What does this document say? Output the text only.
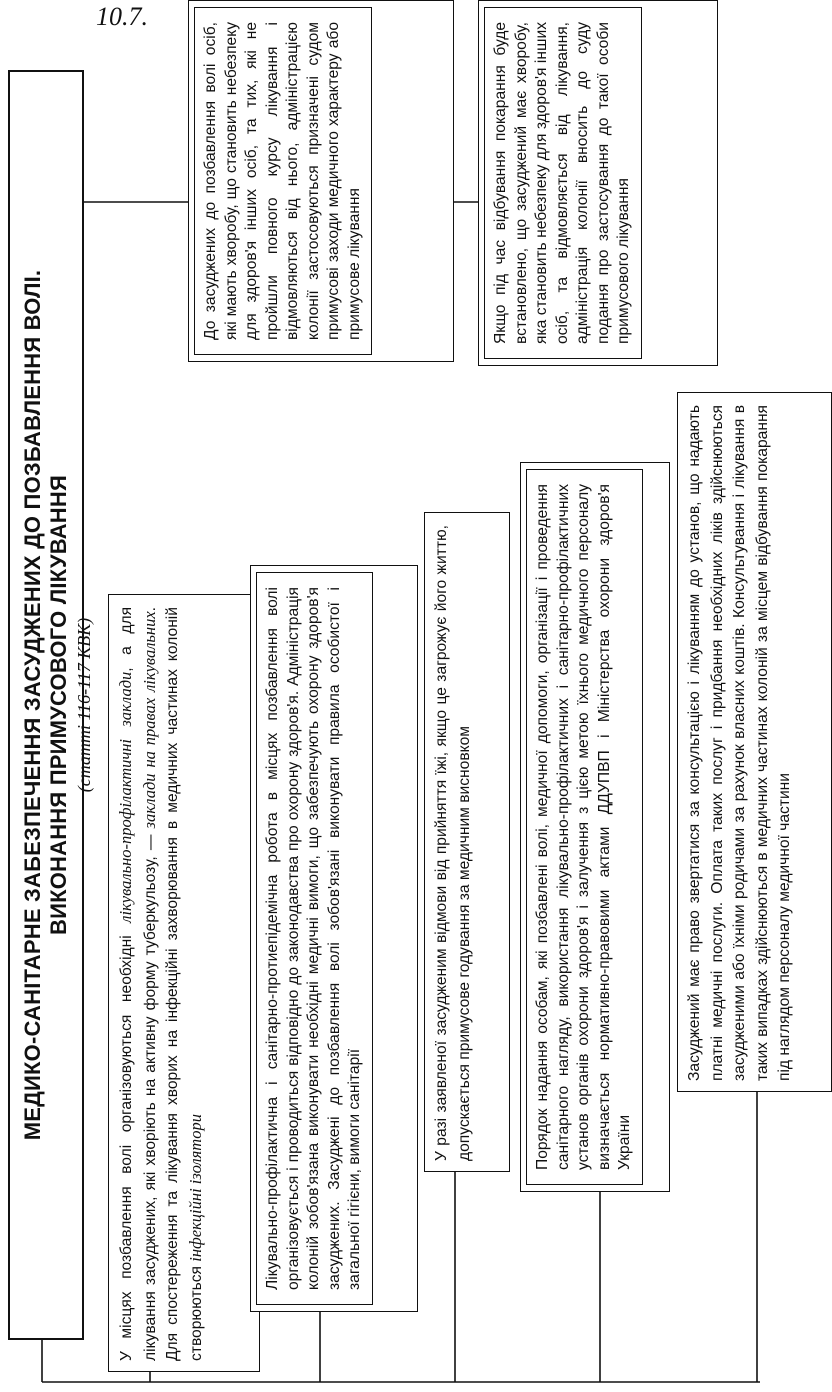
10.7.
МЕДИКО-САНІТАРНЕ ЗАБЕЗПЕЧЕННЯ ЗАСУДЖЕНИХ ДО ПОЗБАВЛЕННЯ ВОЛІ. ВИКОНАННЯ ПРИМУСОВОГО ЛІКУВАННЯ (статті 116-117 КВК)
У місцях позбавлення волі організовуються необхідні лікувально-профілактичні заклади, а для лікування засуджених, які хворіють на активну форму туберкульозу, — заклади на правах лікувальних. Для спостереження та лікування хворих на інфекційні захворювання в медичних частинах колоній створюються інфекційні ізолятори	Лікувально-профілактична і санітарно-протиепідемічна робота в місцях позбавлення волі організовується і проводиться відповідно до законодавства про охорону здоров'я. Адміністрація колоній зобов'язана виконувати необхідні медичні вимоги, що забезпечують охорону здоров'я засуджених. Засуджені до позбавлення волі зобов'язані виконувати правила особистої і загальної гігієни, вимоги санітарії
У разі заявленої засудженим відмови від прийняття їжі, якщо це загрожує його життю, допускається примусове годування за медичним висновком	Порядок надання особам, які позбавлені волі, медичної допомоги, організації і проведення санітарного нагляду, використання лікувально-профілактичних і санітарно-профілактичних установ органів охорони здоров'я і залучення з цією метою їхнього медичного персоналу визначається нормативно-правовими актами ДДУПВП і Міністерства охорони здоров'я України
Засуджений має право звертатися за консультацією і лікуванням до установ, що надають платні медичні послуги. Оплата таких послуг і придбання необхідних ліків здійснюються засудженими або їхніми родичами за рахунок власних коштів. Консультування і лікування в таких випадках здійснюються в медичних частинах колоній за місцем відбування покарання під наглядом персоналу медичної частини
До засуджених до позбавлення волі осіб, які мають хворобу, що становить небезпеку для здоров'я інших осіб, та тих, які не пройшли повного курсу лікування і відмовляються від нього, адміністрацією колонії застосовуються призначені судом примусові заходи медичного характеру або примусове лікування	Якщо під час відбування покарання буде встановлено, що засуджений має хворобу, яка становить небезпеку для здоров'я інших осіб, та відмовляється від лікування, адміністрація колонії вносить до суду подання про застосування до такої особи примусового лікування
